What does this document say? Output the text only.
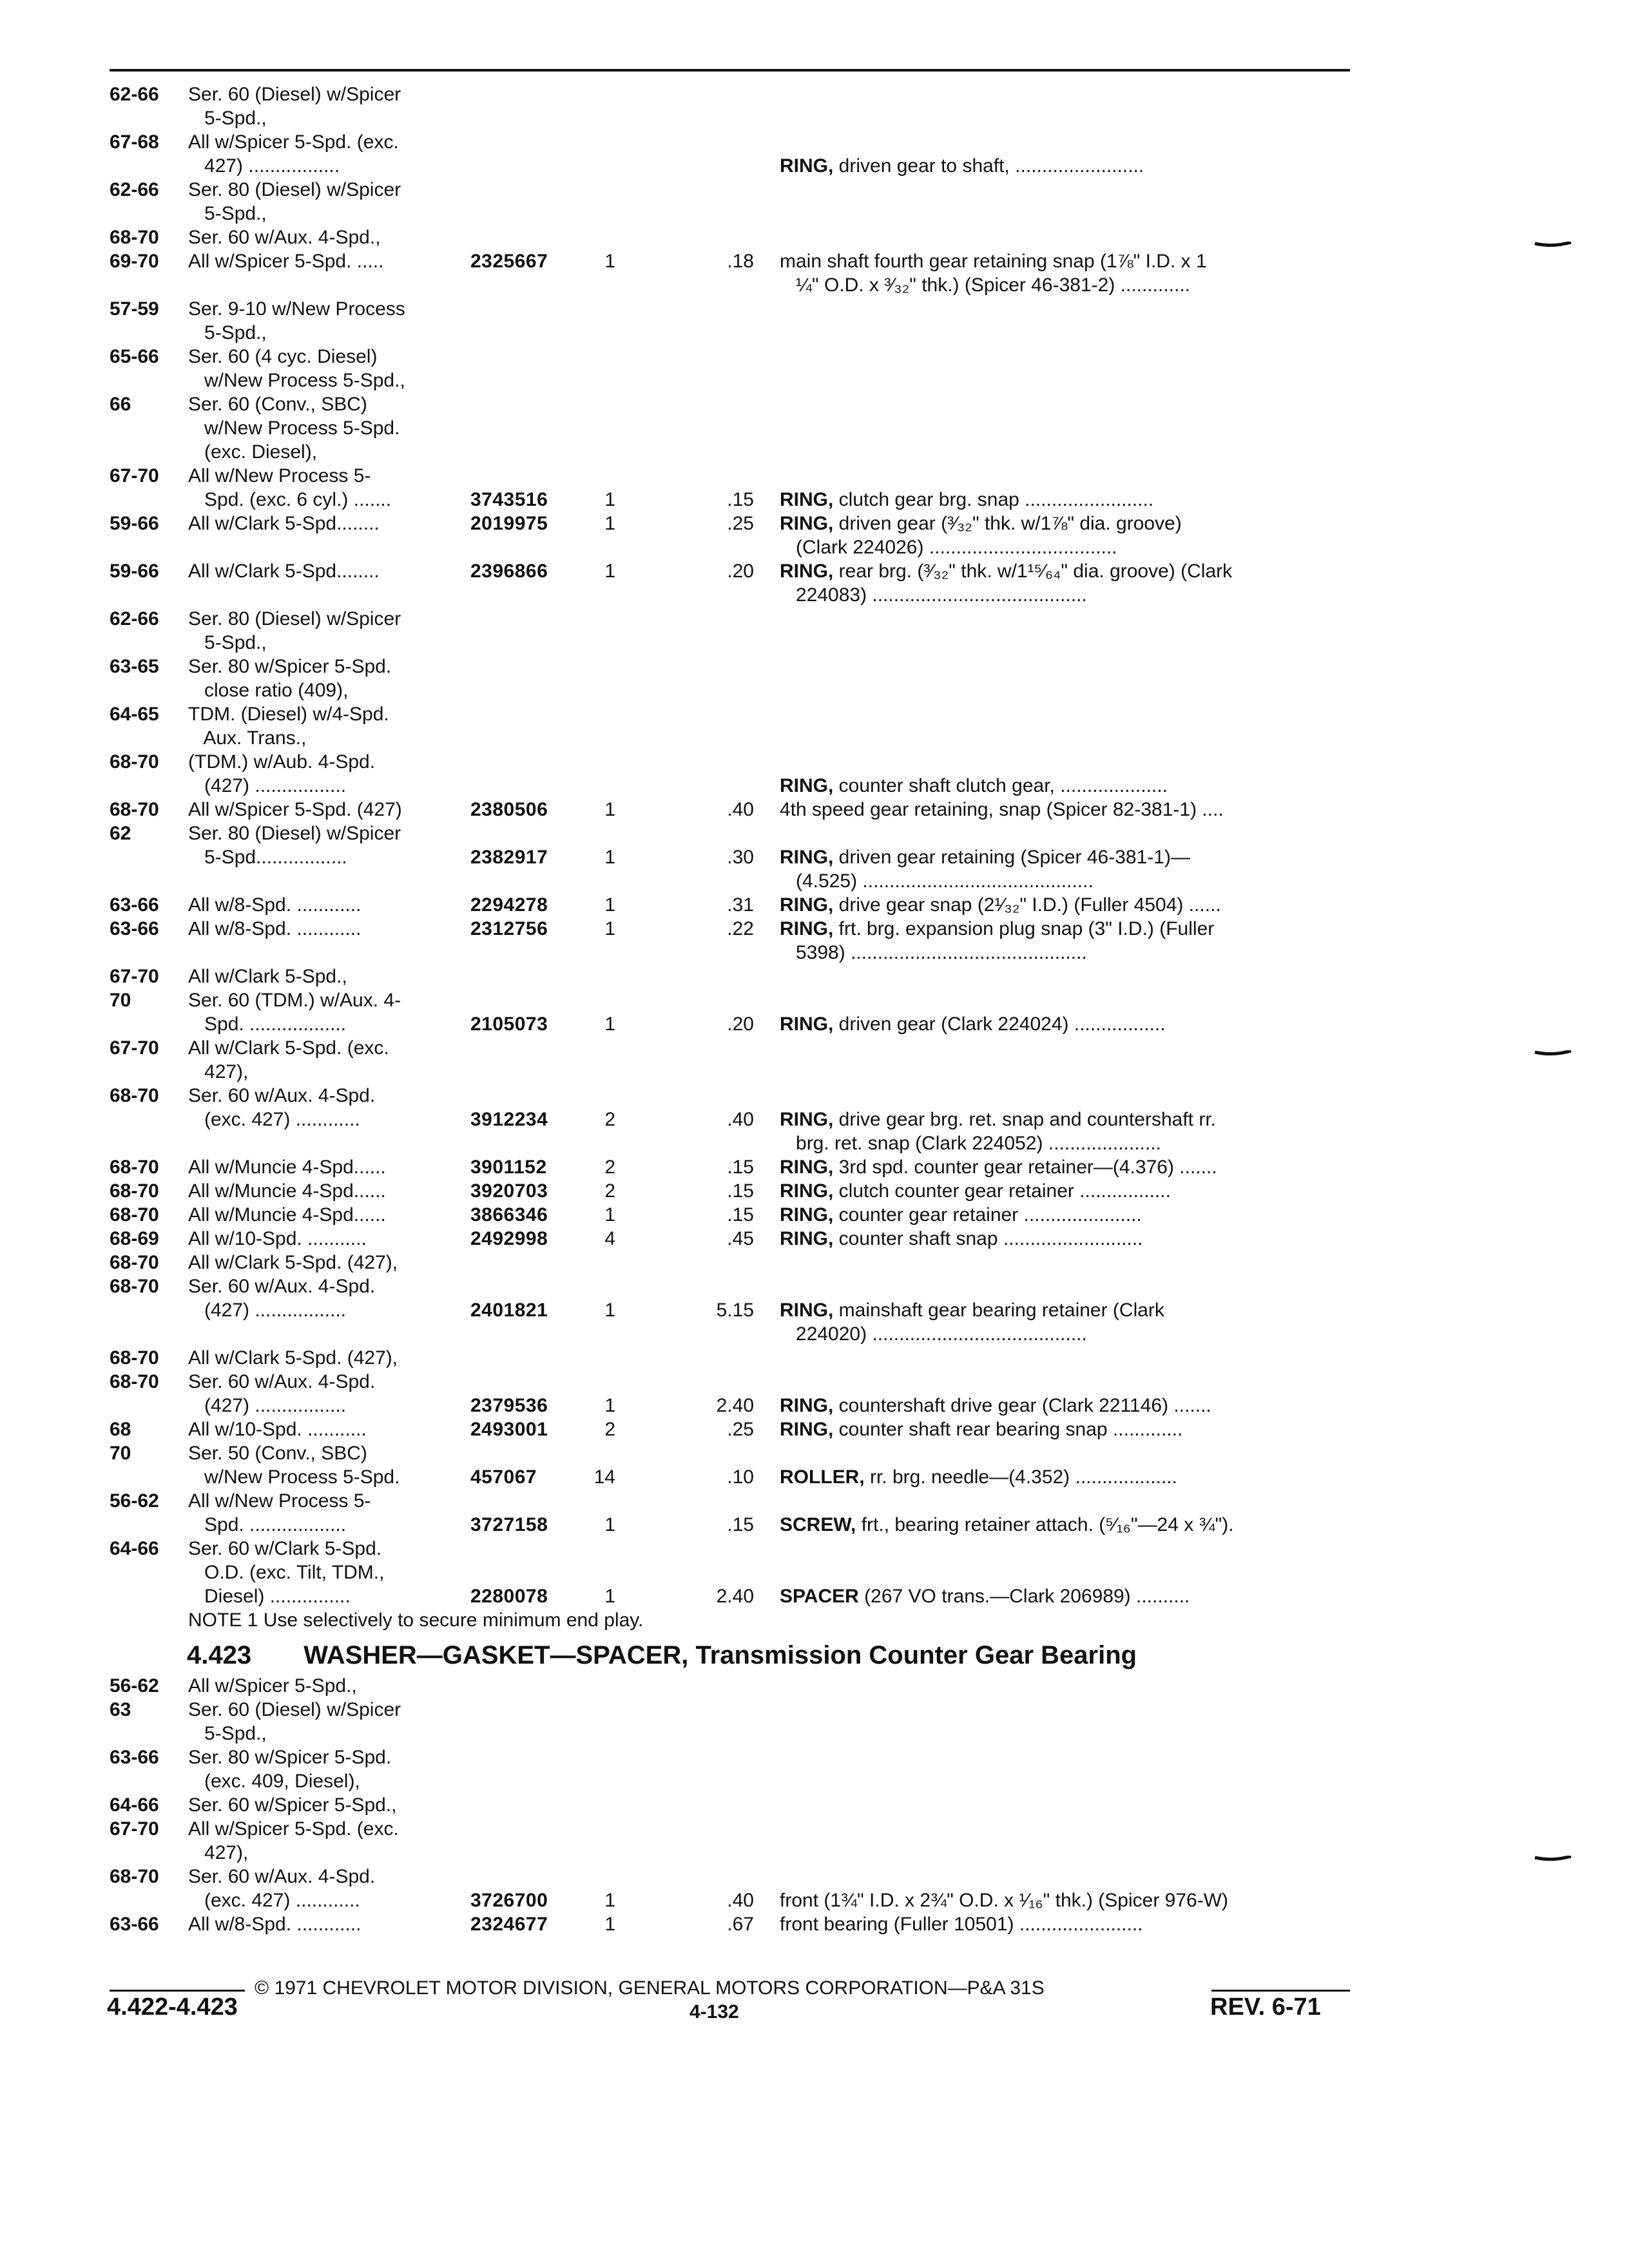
62-66 Ser. 60 (Diesel) w/Spicer
5-Spd.,
67-68 All w/Spicer 5-Spd. (exc.
427) .................	RING, driven gear to shaft, ........................
62-66 Ser. 80 (Diesel) w/Spicer
5-Spd.,
68-70 Ser. 60 w/Aux. 4-Spd.,
69-70 All w/Spicer 5-Spd. .....	2325667	1	.18 main shaft fourth gear retaining snap (1⅞" I.D. x 1
¼" O.D. x ³⁄₃₂" thk.) (Spicer 46-381-2) .............
57-59 Ser. 9-10 w/New Process
5-Spd.,
65-66 Ser. 60 (4 cyc. Diesel)
w/New Process 5-Spd.,
66	Ser. 60 (Conv., SBC)
w/New Process 5-Spd.
(exc. Diesel),
67-70 All w/New Process 5-
Spd. (exc. 6 cyl.) .......	3743516	1	.15 RING, clutch gear brg. snap ........................
59-66 All w/Clark 5-Spd........	2019975	1	.25 RING, driven gear (³⁄₃₂" thk. w/1⅞" dia. groove)
(Clark 224026) ...................................
59-66 All w/Clark 5-Spd........	2396866	1	.20 RING, rear brg. (³⁄₃₂" thk. w/1¹⁵⁄₆₄" dia. groove) (Clark
224083) ........................................
62-66 Ser. 80 (Diesel) w/Spicer
5-Spd.,
63-65 Ser. 80 w/Spicer 5-Spd.
close ratio (409),
64-65 TDM. (Diesel) w/4-Spd.
Aux. Trans.,
68-70 (TDM.) w/Aub. 4-Spd.
(427) .................	RING, counter shaft clutch gear, ....................
68-70 All w/Spicer 5-Spd. (427)	2380506	1	.40 4th speed gear retaining, snap (Spicer 82-381-1) ....
62	Ser. 80 (Diesel) w/Spicer
5-Spd.................	2382917	1	.30 RING, driven gear retaining (Spicer 46-381-1)—
(4.525) ...........................................
63-66 All w/8-Spd. ............	2294278	1	.31 RING, drive gear snap (2¹⁄₃₂" I.D.) (Fuller 4504) ......
63-66 All w/8-Spd. ............	2312756	1	.22 RING, frt. brg. expansion plug snap (3" I.D.) (Fuller
5398) ............................................
67-70 All w/Clark 5-Spd.,
70	Ser. 60 (TDM.) w/Aux. 4-
Spd. ..................	2105073	1	.20 RING, driven gear (Clark 224024) .................
67-70 All w/Clark 5-Spd. (exc.
427),
68-70 Ser. 60 w/Aux. 4-Spd.
(exc. 427) ............	3912234	2	.40 RING, drive gear brg. ret. snap and countershaft rr.
brg. ret. snap (Clark 224052) .....................
68-70 All w/Muncie 4-Spd......	3901152	2	.15 RING, 3rd spd. counter gear retainer—(4.376) .......
68-70 All w/Muncie 4-Spd......	3920703	2	.15 RING, clutch counter gear retainer .................
68-70 All w/Muncie 4-Spd......	3866346	1	.15 RING, counter gear retainer ......................
68-69 All w/10-Spd. ...........	2492998	4	.45 RING, counter shaft snap ..........................
68-70 All w/Clark 5-Spd. (427),
68-70 Ser. 60 w/Aux. 4-Spd.
(427) .................	2401821	1	5.15 RING, mainshaft gear bearing retainer (Clark
224020) ........................................
68-70 All w/Clark 5-Spd. (427),
68-70 Ser. 60 w/Aux. 4-Spd.
(427) .................	2379536	1	2.40 RING, countershaft drive gear (Clark 221146) .......
68	All w/10-Spd. ...........	2493001	2	.25 RING, counter shaft rear bearing snap .............
70	Ser. 50 (Conv., SBC)
w/New Process 5-Spd.	457067	14	.10 ROLLER, rr. brg. needle—(4.352) ...................
56-62 All w/New Process 5-
Spd. ..................	3727158	1	.15 SCREW, frt., bearing retainer attach. (⁵⁄₁₆"—24 x ¾").
64-66 Ser. 60 w/Clark 5-Spd.
O.D. (exc. Tilt, TDM.,
Diesel) ...............	2280078	1	2.40 SPACER (267 VO trans.—Clark 206989) ..........
NOTE 1 Use selectively to secure minimum end play.
4.423 WASHER—GASKET—SPACER, Transmission Counter Gear Bearing
56-62 All w/Spicer 5-Spd.,
63	Ser. 60 (Diesel) w/Spicer
5-Spd.,
63-66 Ser. 80 w/Spicer 5-Spd.
(exc. 409, Diesel),
64-66 Ser. 60 w/Spicer 5-Spd.,
67-70 All w/Spicer 5-Spd. (exc.
427),
68-70 Ser. 60 w/Aux. 4-Spd.
(exc. 427) ............	3726700	1	.40 front (1¾" I.D. x 2¾" O.D. x ¹⁄₁₆" thk.) (Spicer 976-W)
63-66 All w/8-Spd. ............	2324677	1	.67 front bearing (Fuller 10501) .......................
© 1971 CHEVROLET MOTOR DIVISION, GENERAL MOTORS CORPORATION—P&A 31S
4.422-4.423	4-132	REV. 6-71
